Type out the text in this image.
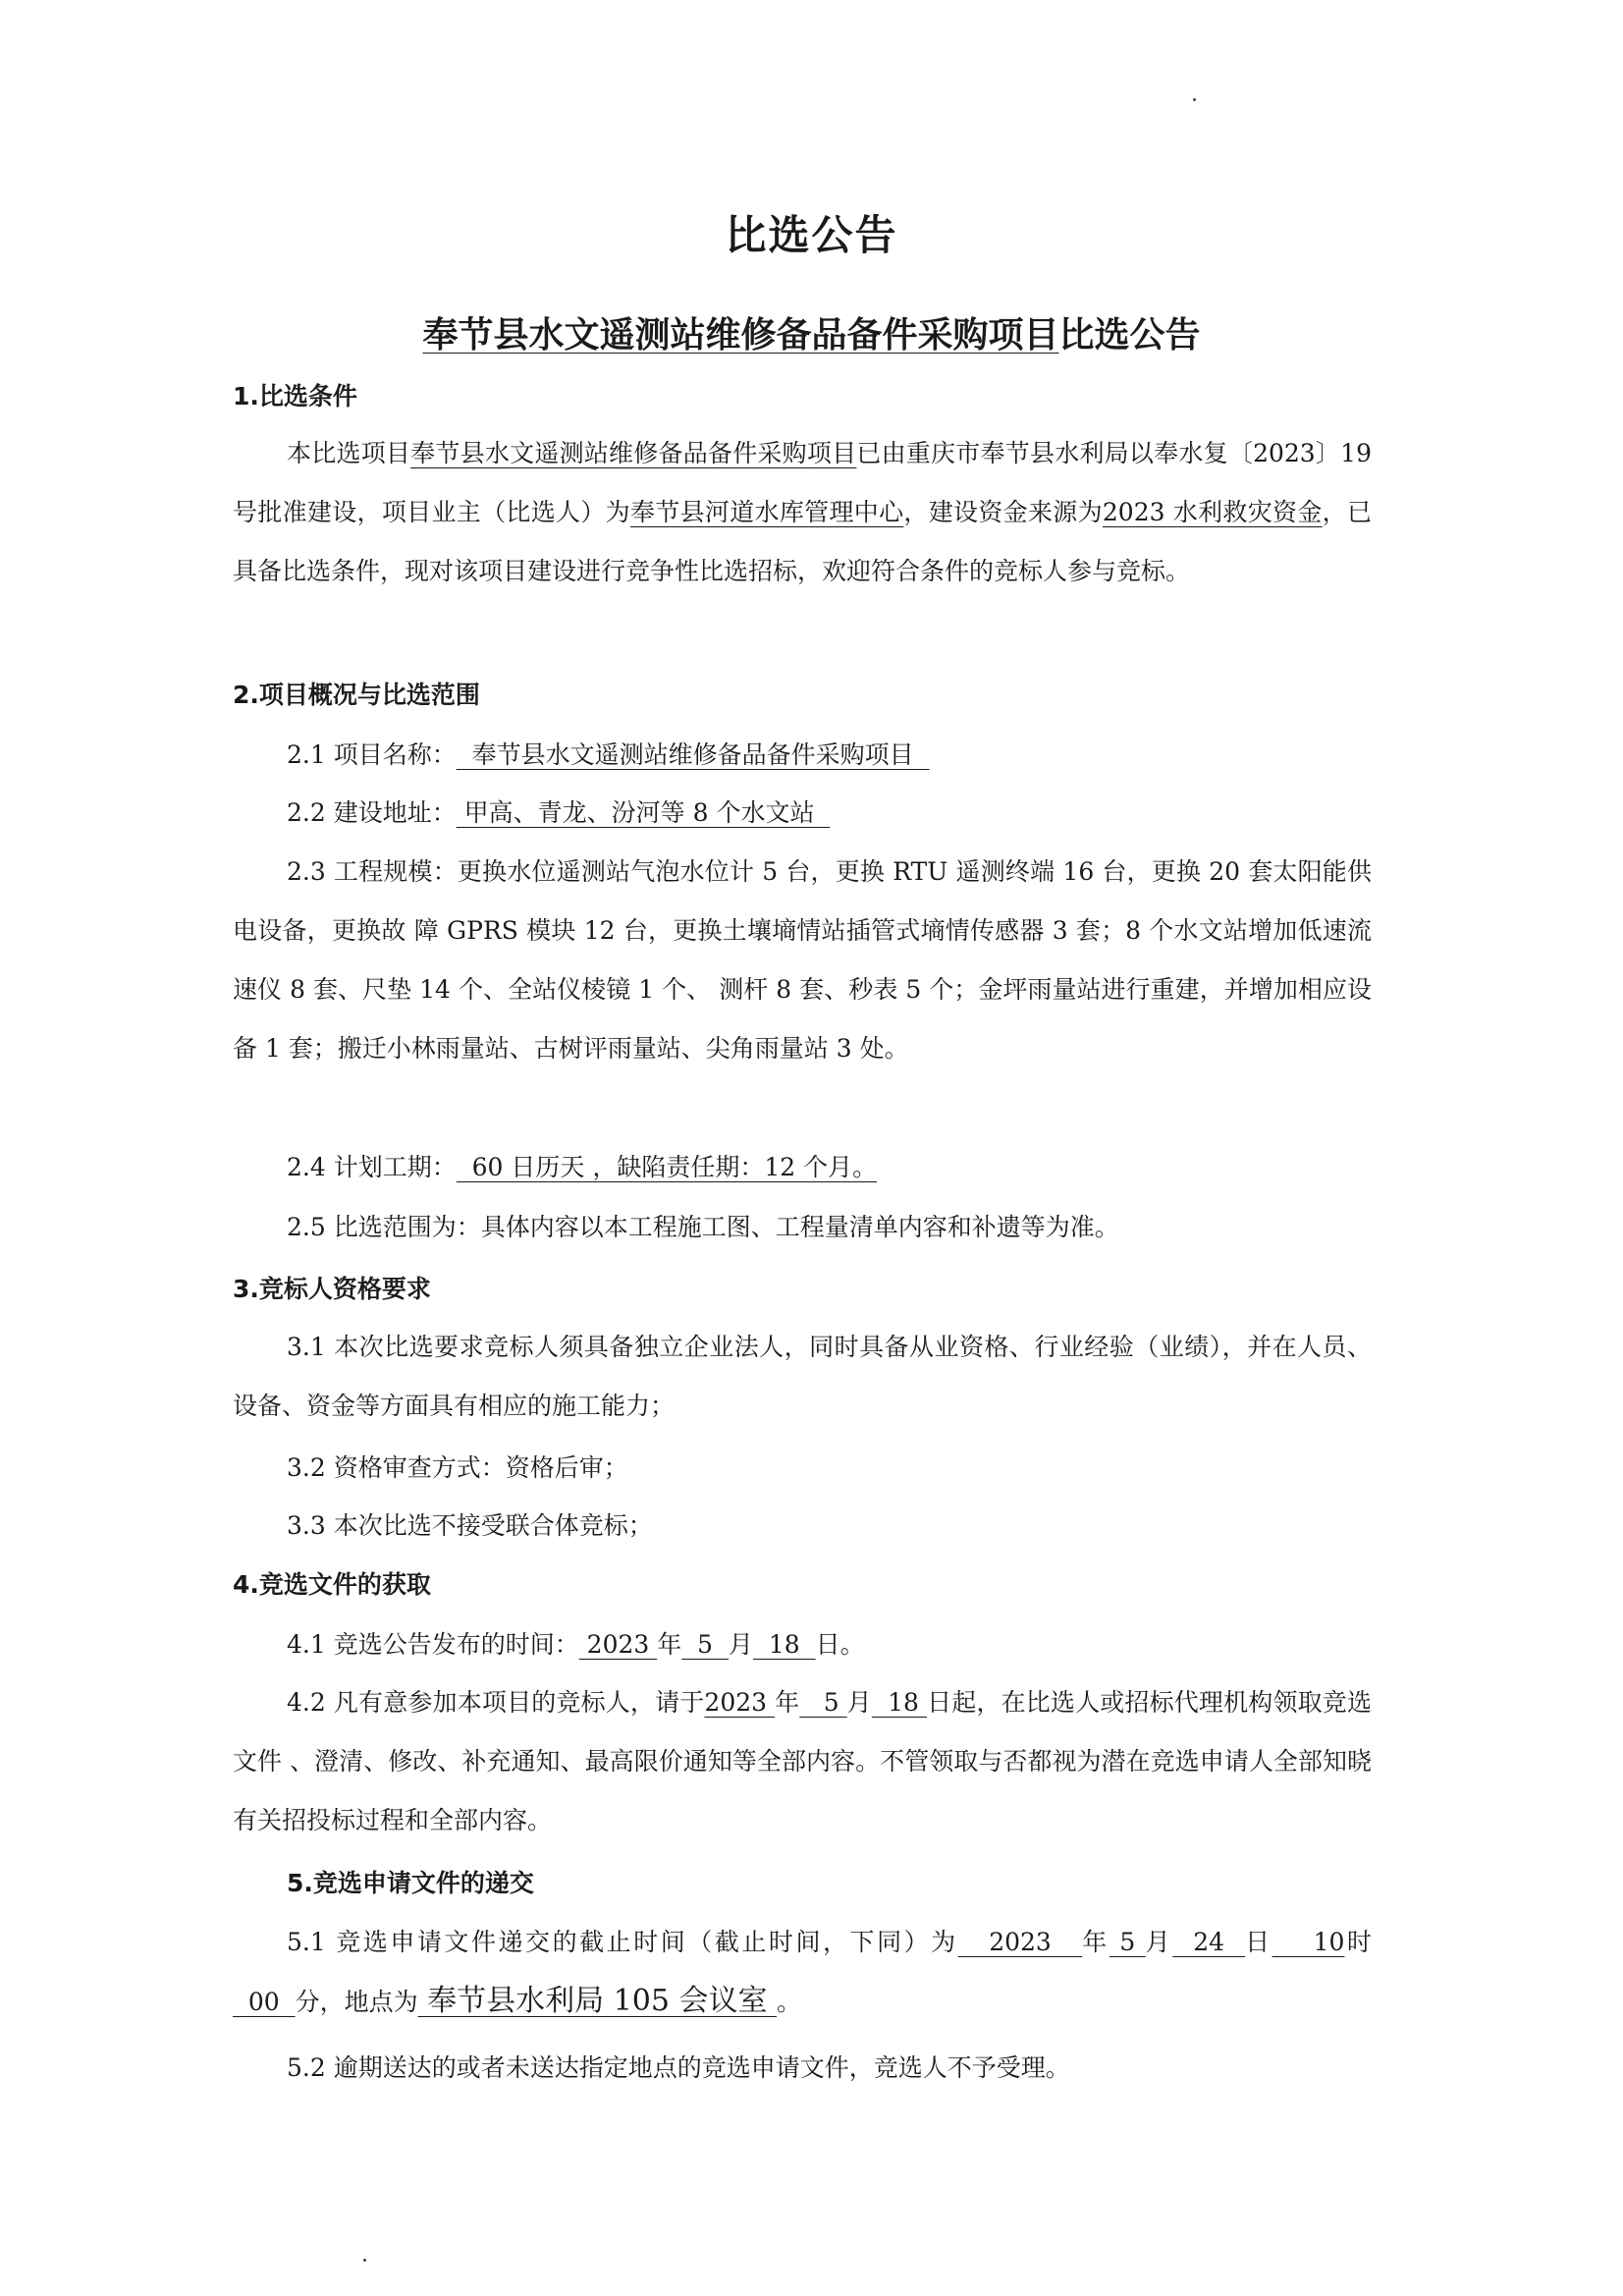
比选公告
奉节县水文遥测站维修备品备件采购项目比选公告
1.比选条件

本比选项目奉节县水文遥测站维修备品备件采购项目已由重庆市奉节县水利局以奉水复〔2023〕19 号批准建设，项目业主（比选人）为奉节县河道水库管理中心，建设资金来源为2023 水利救灾资金，已具备比选条件，现对该项目建设进行竞争性比选招标，欢迎符合条件的竞标人参与竞标。

2.项目概况与比选范围
2.1 项目名称：  奉节县水文遥测站维修备品备件采购项目
2.2 建设地址： 甲高、青龙、汾河等 8 个水文站

2.3 工程规模：更换水位遥测站气泡水位计 5 台，更换 RTU 遥测终端 16 台，更换 20 套太阳能供电设备，更换故 障 GPRS 模块 12 台，更换土壤墒情站插管式墒情传感器 3 套；8 个水文站增加低速流速仪 8 套、尺垫 14 个、全站仪棱镜 1 个、 测杆 8 套、秒表 5 个；金坪雨量站进行重建，并增加相应设备 1 套；搬迁小林雨量站、古树评雨量站、尖角雨量站 3 处。

2.4 计划工期：  60 日历天 ，缺陷责任期：12 个月。
2.5 比选范围为：具体内容以本工程施工图、工程量清单内容和补遗等为准。
3.竞标人资格要求

3.1 本次比选要求竞标人须具备独立企业法人，同时具备从业资格、行业经验（业绩），并在人员、设备、资金等方面具有相应的施工能力；

3.2 资格审查方式：资格后审；
3.3 本次比选不接受联合体竞标；
4.竞选文件的获取
4.1 竞选公告发布的时间： 2023 年  5  月  18  日。

4.2 凡有意参加本项目的竞标人，请于2023 年   5 月  18 日起，在比选人或招标代理机构领取竞选文件 、澄清、修改、补充通知、最高限价通知等全部内容。不管领取与否都视为潜在竞选申请人全部知晓有关招投标过程和全部内容。

5.竞选申请文件的递交

5.1 竞选申请文件递交的截止时间（截止时间，下同）为   2023   年 5 月  24  日    10时  00  分，地点为 奉节县水利局 105 会议室 。

5.2 逾期送达的或者未送达指定地点的竞选申请文件，竞选人不予受理。
